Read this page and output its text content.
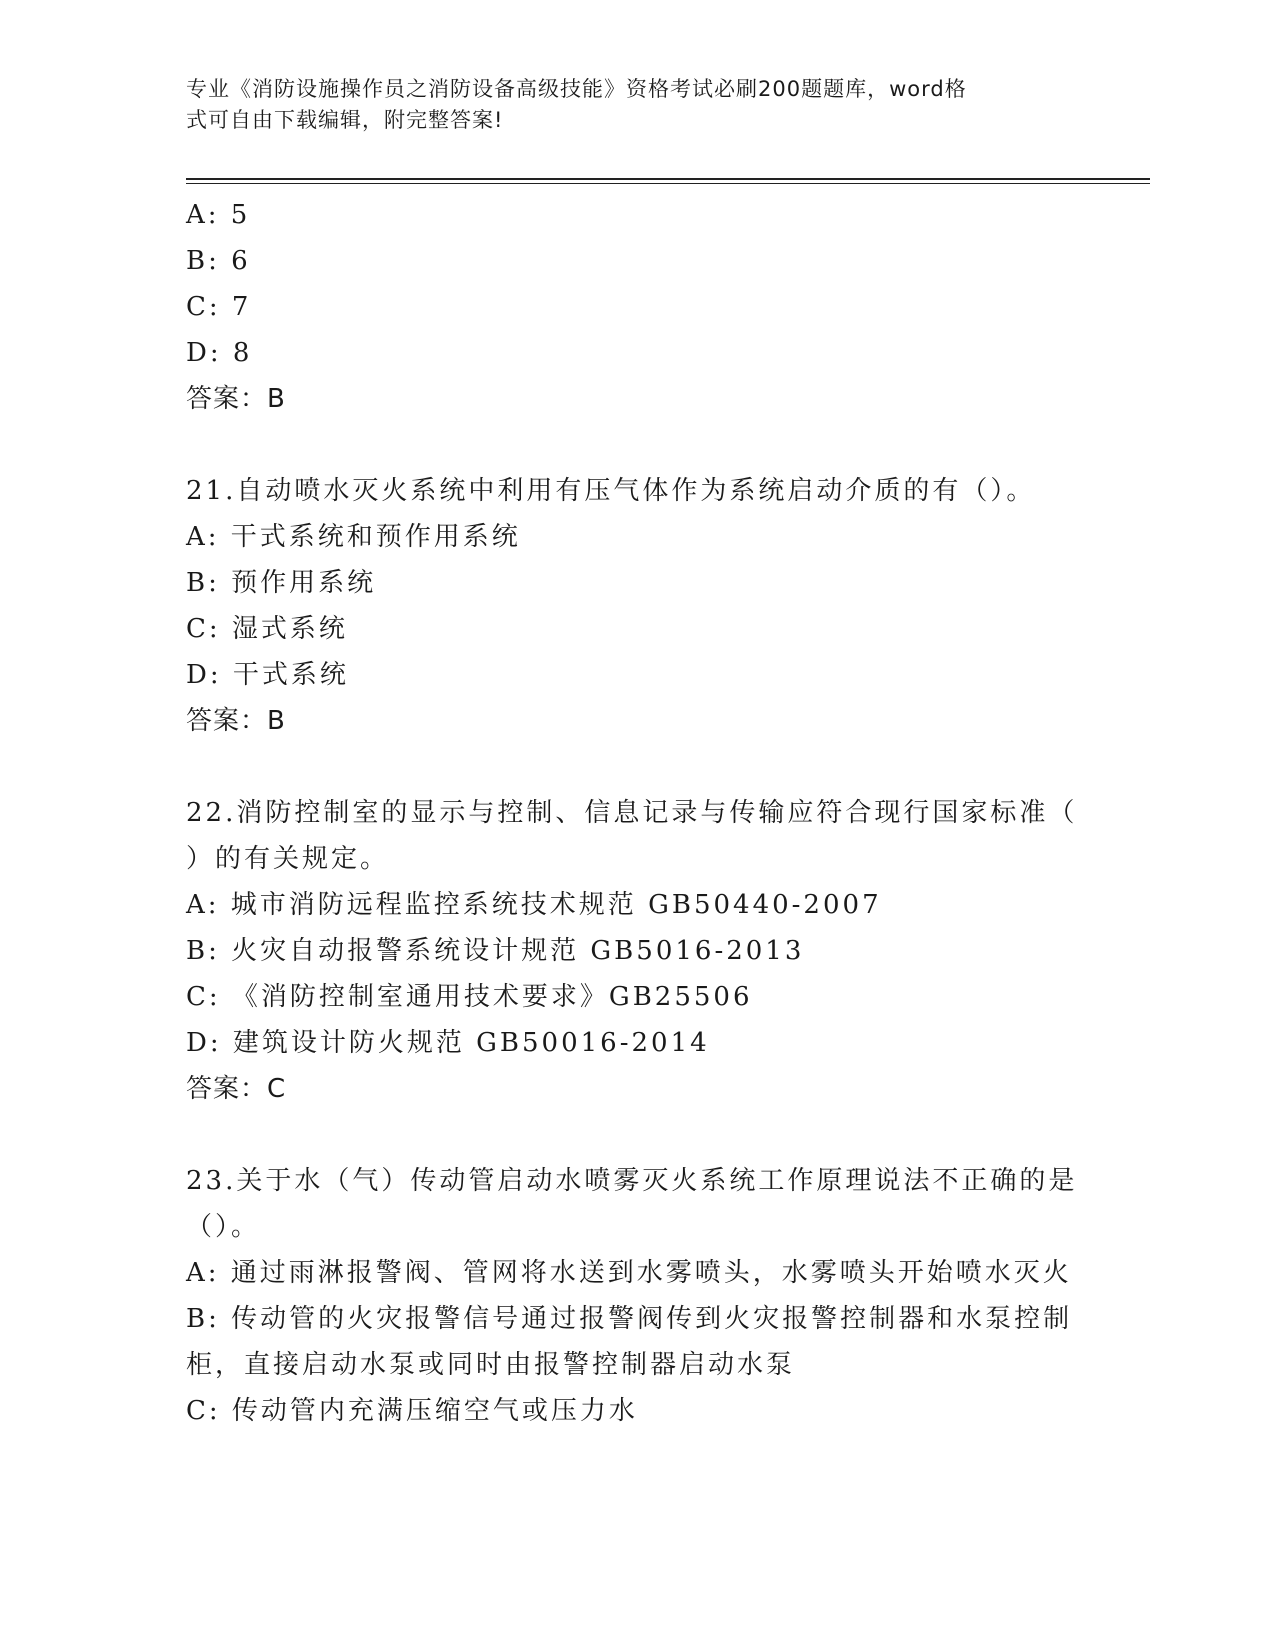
专业《消防设施操作员之消防设备高级技能》资格考试必刷200题题库，word格
式可自由下载编辑，附完整答案!
A: 5
B: 6
C: 7
D: 8
答案：B
21.自动喷水灭火系统中利用有压气体作为系统启动介质的有（）。
A: 干式系统和预作用系统
B: 预作用系统
C: 湿式系统
D: 干式系统
答案：B
22.消防控制室的显示与控制、信息记录与传输应符合现行国家标准（
）的有关规定。
A: 城市消防远程监控系统技术规范 GB50440-2007
B: 火灾自动报警系统设计规范 GB5016-2013
C: 《消防控制室通用技术要求》GB25506
D: 建筑设计防火规范 GB50016-2014
答案：C
23.关于水（气）传动管启动水喷雾灭火系统工作原理说法不正确的是
（）。
A: 通过雨淋报警阀、管网将水送到水雾喷头，水雾喷头开始喷水灭火
B: 传动管的火灾报警信号通过报警阀传到火灾报警控制器和水泵控制
柜，直接启动水泵或同时由报警控制器启动水泵
C: 传动管内充满压缩空气或压力水
